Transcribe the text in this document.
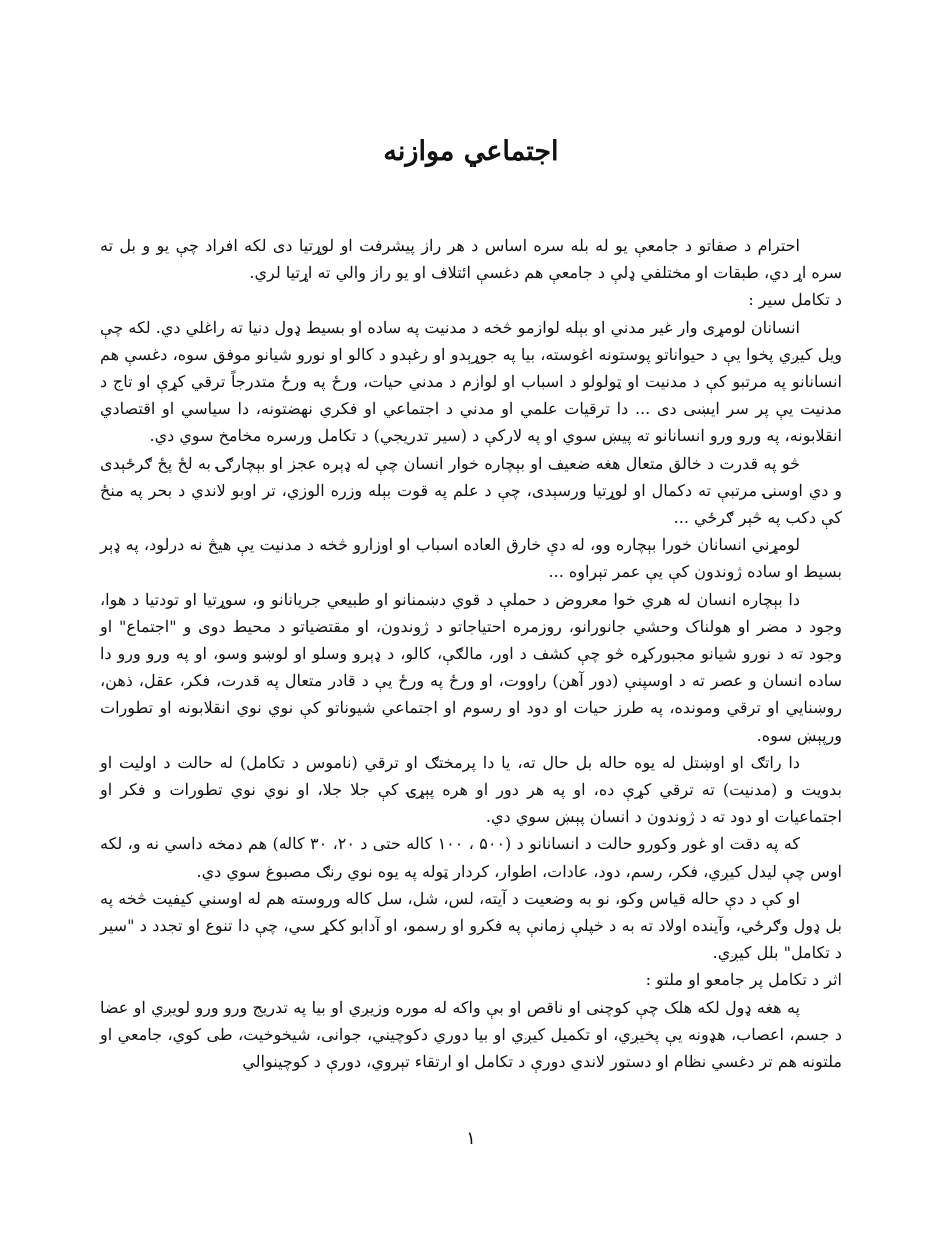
اجتماعي موازنه

احترام د صفاتو د جامعې يو له بله سره اساس د هر راز پيشرفت او لوړتيا دی لکه افراد چې يو و بل ته سره اړ دي، طبقات او مختلفي ډلې د جامعې هم دغسې ائتلاف او يو راز والي ته اړتيا لري.

د تکامل سير :

انسانان لومړی وار غير مدني او بېله لوازمو څخه د مدنيت په ساده او بسيط ډول دنيا ته راغلي دي. لکه چې ويل کيږي پخوا يې د حيواناتو پوستونه اغوسته، بيا په جوړېدو او رغېدو د کالو او نورو شيانو موفق سوه، دغسې هم انسانانو په مرتبو کې د مدنيت او ټولولو د اسباب او لوازم د مدني حيات، ورځ په ورځ متدرجاً ترقي کړې او تاج د مدنيت يې پر سر ايښی دی ... دا ترقيات علمي او مدني د اجتماعي او فکري نهضتونه، دا سياسي او اقتصادي انقلابونه، په ورو ورو انسانانو ته پيښ سوي او په لارکې د (سير تدريجي) د تکامل ورسره مخامخ سوي دي.

څو په قدرت د خالق متعال هغه ضعيف او بېچاره خوار انسان چې له ډېره عجز او بېچارګۍ به لځ پځ ګرځېدی و دي اوسنۍ مرتبې ته دکمال او لوړتيا ورسېدی، چې د علم په قوت بېله وزره الوزي، تر اوبو لاندي د بحر په منځ کې دکب په څېر ګرځي ...

لومړني انسانان خورا بېچاره وو، له دې خارق العاده اسباب او اوزارو څخه د مدنيت يې هيڅ نه درلود، په ډېر بسيط او ساده ژوندون کې يې عمر تېراوه ...

دا بېچاره انسان له هري خوا معروض د حملې د قوي دښمنانو او طبيعي جريانانو و، سوړتيا او تودتيا د هوا، وجود د مضر او هولناک وحشي جانورانو، روزمره احتياجاتو د ژوندون، او مقتضياتو د محيط دوی و "اجتماع" او وجود ته د نورو شيانو مجبورکړه څو چې کشف د اور، مالګې، کالو، د ډېرو وسلو او لوښو وسو، او په ورو ورو دا ساده انسان و عصر ته د اوسپنې (دور آهن) راووت، او ورځ په ورځ يې د قادر متعال په قدرت، فکر، عقل، ذهن، روښنايي او ترقي ومونده، په طرز حيات او دود او رسوم او اجتماعي شيوناتو کې نوي نوي انقلابونه او تطورات ورپېښ سوه.

دا راتګ او اوښتل له يوه حاله بل حال ته، يا دا پرمختګ او ترقي (ناموس د تکامل) له حالت د اوليت او بدويت و (مدنيت) ته ترقي کړې ده، او په هر دور او هره پېړۍ کې جلا جلا، او نوي نوي تطورات و فکر او اجتماعيات او دود ته د ژوندون د انسان پېښ سوي دي.

که په دقت او غور وکورو حالت د انسانانو د (۵۰۰ ، ۱۰۰ کاله حتی د ۲۰، ۳۰ کاله) هم دمخه داسي نه و، لکه اوس چې ليدل کيږي، فکر، رسم، دود، عادات، اطوار، کردار ټوله په يوه نوي رنګ مصبوغ سوي دي.

او کې د دې حاله قياس وکو، نو به وضعيت د آيته، لس، شل، سل کاله وروسته هم له اوسني کيفيت څخه په بل ډول وګرځي، وآينده اولاد ته به د خپلې زمانې په فکرو او رسمو، او آدابو ککړ سي، چې دا تنوع او تجدد د "سير د تکامل" بلل کيږي.

اثر د تکامل پر جامعو او ملتو :

په هغه ډول لکه هلک چې کوچنی او ناقص او بې واکه له موره وزيږي او بيا په تدريج ورو ورو لويږي او عضا د جسم، اعصاب، هډونه يې پخيږي، او تکميل کيږي او بيا دوري دکوچيني، جوانی، شيخوخيت، طی کوي، جامعي او ملتونه هم تر دغسي نظام او دستور لاندي دورې د تکامل او ارتقاء تېروي، دورې د کوچينوالي

۱
